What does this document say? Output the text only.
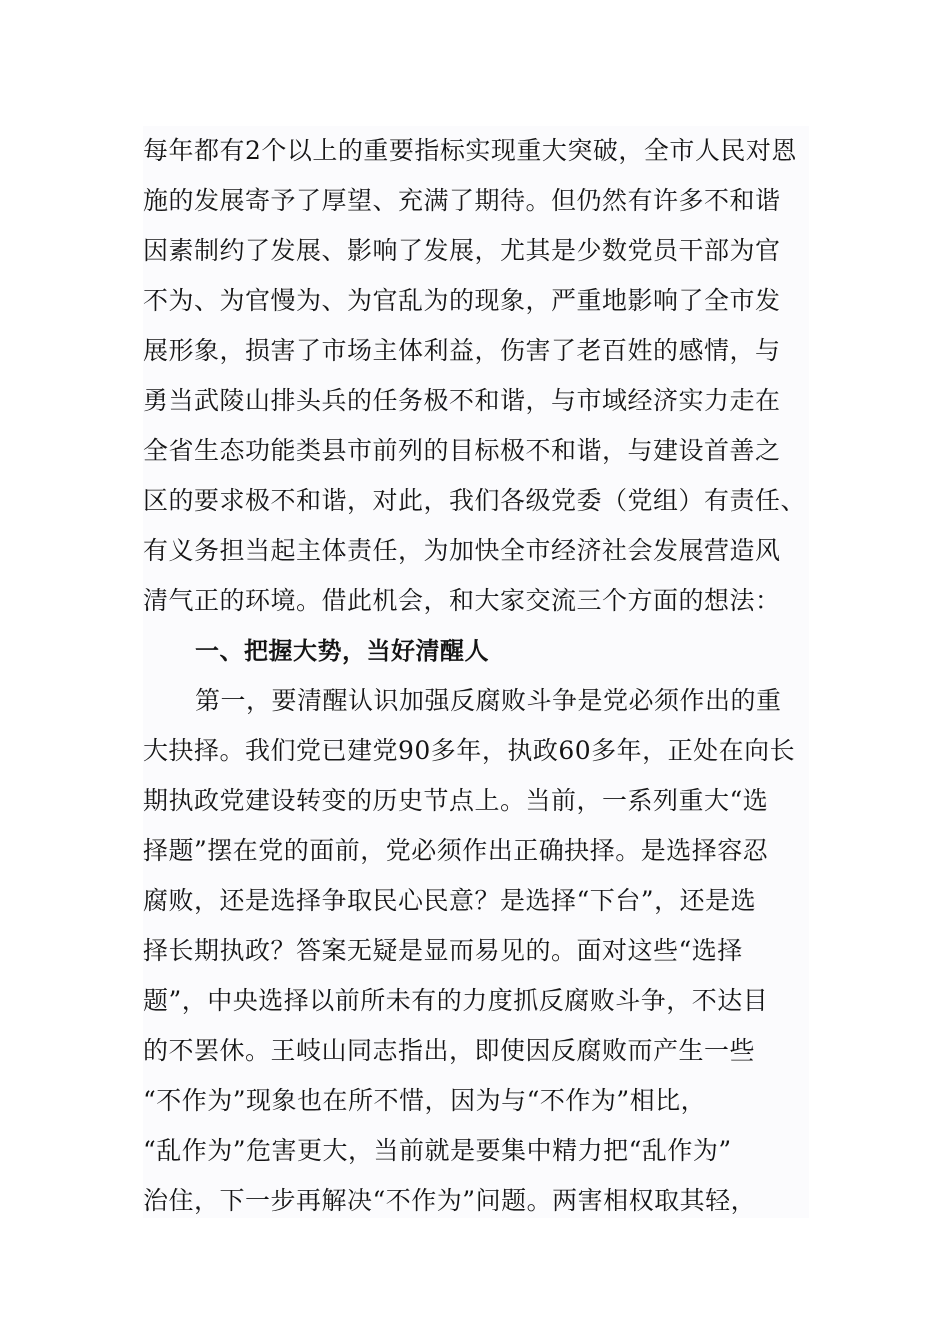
每年都有2个以上的重要指标实现重大突破，全市人民对恩
施的发展寄予了厚望、充满了期待。但仍然有许多不和谐
因素制约了发展、影响了发展，尤其是少数党员干部为官
不为、为官慢为、为官乱为的现象，严重地影响了全市发
展形象，损害了市场主体利益，伤害了老百姓的感情，与
勇当武陵山排头兵的任务极不和谐，与市域经济实力走在
全省生态功能类县市前列的目标极不和谐，与建设首善之
区的要求极不和谐，对此，我们各级党委（党组）有责任、
有义务担当起主体责任，为加快全市经济社会发展营造风
清气正的环境。借此机会，和大家交流三个方面的想法：
一、把握大势，当好清醒人
第一，要清醒认识加强反腐败斗争是党必须作出的重
大抉择。我们党已建党90多年，执政60多年，正处在向长
期执政党建设转变的历史节点上。当前，一系列重大“选
择题”摆在党的面前，党必须作出正确抉择。是选择容忍
腐败，还是选择争取民心民意？是选择“下台”，还是选
择长期执政？答案无疑是显而易见的。面对这些“选择
题”，中央选择以前所未有的力度抓反腐败斗争，不达目
的不罢休。王岐山同志指出，即使因反腐败而产生一些
“不作为”现象也在所不惜，因为与“不作为”相比，
“乱作为”危害更大，当前就是要集中精力把“乱作为”
治住，下一步再解决“不作为”问题。两害相权取其轻，
